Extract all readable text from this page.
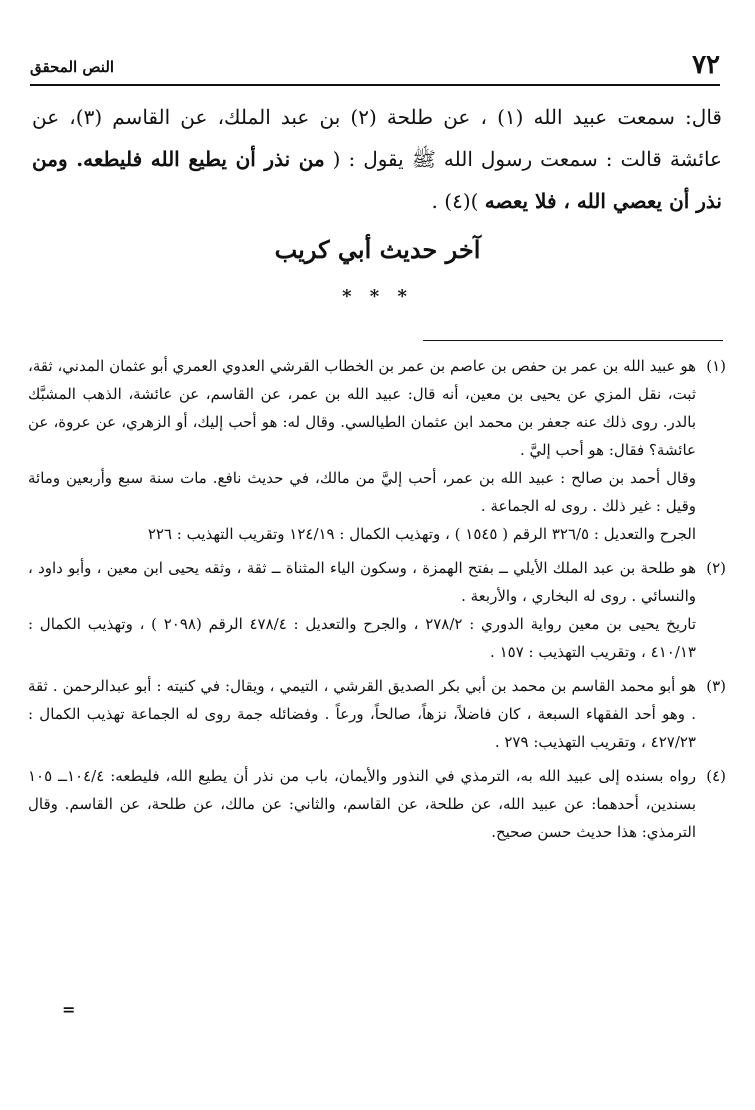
٧٢
النص المحقق

قال: سمعت عبيد الله (١) ، عن طلحة (٢) بن عبد الملك، عن القاسم (٣)، عن عائشة قالت : سمعت رسول الله ﷺ يقول : ( من نذر أن يطيع الله فليطعه. ومن نذر أن يعصي الله ، فلا يعصه )(٤) .

آخر حديث أبي كريب
* * *

(١)هو عبيد الله بن عمر بن حفص بن عاصم بن عمر بن الخطاب القرشي العدوي العمري أبو عثمان المدني، ثقة، ثبت، نقل المزي عن يحيى بن معين، أنه قال: عبيد الله بن عمر، عن القاسم، عن عائشة، الذهب المشبَّك بالدر. روى ذلك عنه جعفر بن محمد ابن عثمان الطيالسي. وقال له: هو أحب إليك، أو الزهري، عن عروة، عن عائشة؟ فقال: هو أحب إليَّ .

وقال أحمد بن صالح : عبيد الله بن عمر، أحب إليَّ من مالك، في حديث نافع. مات سنة سبع وأربعين ومائة وقيل : غير ذلك . روى له الجماعة .

الجرح والتعديل : ٣٢٦/٥ الرقم ( ١٥٤٥ ) ، وتهذيب الكمال : ١٢٤/١٩ وتقريب التهذيب : ٢٢٦

(٢)هو طلحة بن عبد الملك الأيلي ــ بفتح الهمزة ، وسكون الياء المثناة ــ ثقة ، وثقه يحيى ابن معين ، وأبو داود ، والنسائي . روى له البخاري ، والأربعة .

تاريخ يحيى بن معين رواية الدوري : ٢٧٨/٢ ، والجرح والتعديل : ٤٧٨/٤ الرقم (٢٠٩٨ ) ، وتهذيب الكمال : ٤١٠/١٣ ، وتقريب التهذيب : ١٥٧ .

(٣)هو أبو محمد القاسم بن محمد بن أبي بكر الصديق القرشي ، التيمي ، ويقال: في كنيته : أبو عبدالرحمن . ثقة . وهو أحد الفقهاء السبعة ، كان فاضلاً، نزهاً، صالحاً، ورعاً . وفضائله جمة روى له الجماعة تهذيب الكمال : ٤٢٧/٢٣ ، وتقريب التهذيب: ٢٧٩ .

(٤)رواه بسنده إلى عبيد الله به، الترمذي في النذور والأيمان، باب من نذر أن يطيع الله، فليطعه: ١٠٤/٤ــ ١٠٥ بسندين، أحدهما: عن عبيد الله، عن طلحة، عن القاسم، والثاني: عن مالك، عن طلحة، عن القاسم. وقال الترمذي: هذا حديث حسن صحيح.

=
